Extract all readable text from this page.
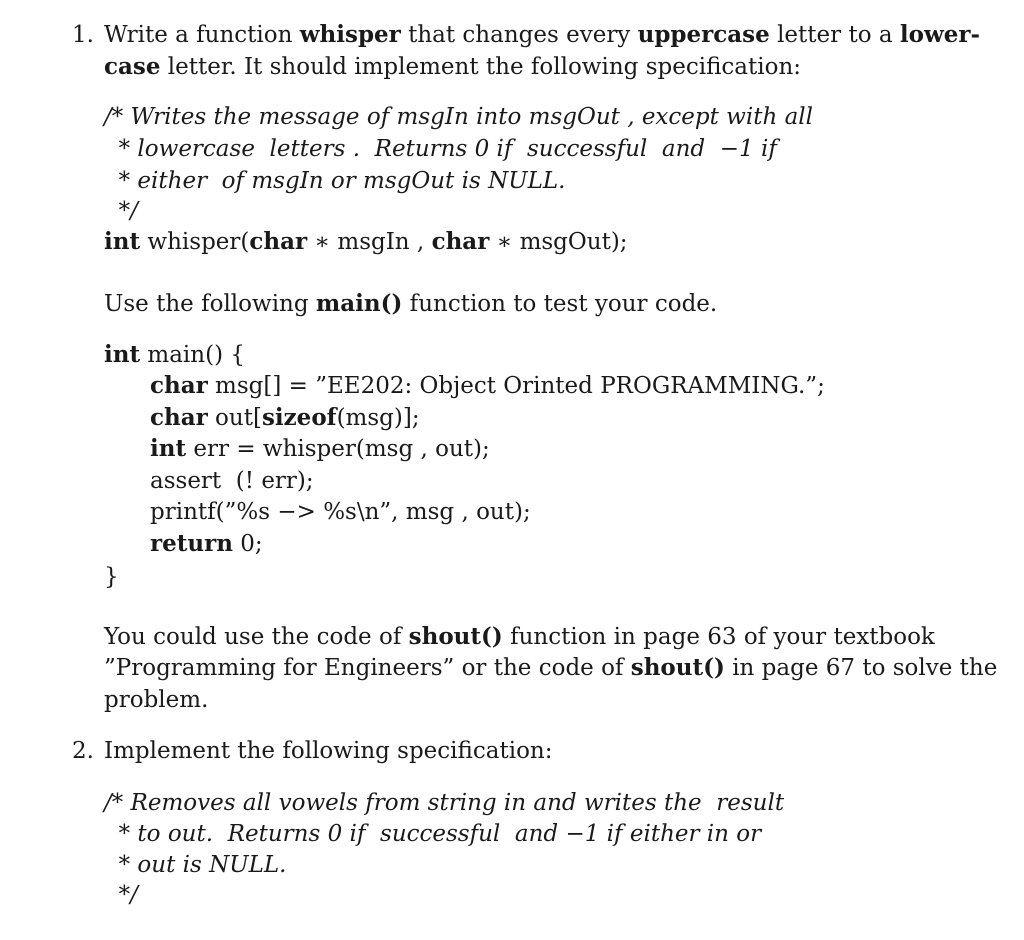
1. Write a function whisper that changes every uppercase letter to a lower-
case letter. It should implement the following specification:
/* Writes the message of msgIn into msgOut , except with all
* lowercase  letters .  Returns 0 if  successful  and  −1 if
* either  of msgIn or msgOut is NULL.
*/
int whisper(char ∗ msgIn , char ∗ msgOut);
Use the following main() function to test your code.
int main() {
char msg[] = ”EE202: Object Orinted PROGRAMMING.”;
char out[sizeof(msg)];
int err = whisper(msg , out);
assert  (! err);
printf(”%s −> %s\n”, msg , out);
return 0;
}
You could use the code of shout() function in page 63 of your textbook
”Programming for Engineers” or the code of shout() in page 67 to solve the
problem.
2. Implement the following specification:
/* Removes all vowels from string in and writes the  result
* to out.  Returns 0 if  successful  and −1 if either in or
* out is NULL.
*/
